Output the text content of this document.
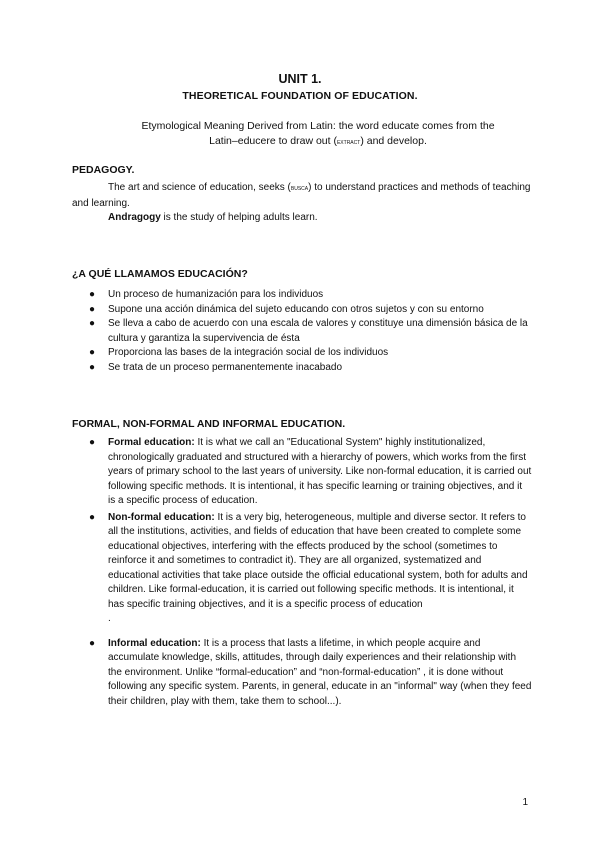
UNIT 1.
THEORETICAL FOUNDATION OF EDUCATION.
Etymological Meaning Derived from Latin: the word educate comes from the
Latin–educere to draw out (EXTRACT) and develop.
PEDAGOGY.
The art and science of education, seeks (BUSCA) to understand practices and methods of teaching and learning.
Andragogy is the study of helping adults learn.
¿A QUÉ LLAMAMOS EDUCACIÓN?
● Un proceso de humanización para los individuos
● Supone una acción dinámica del sujeto educando con otros sujetos y con su entorno
● Se lleva a cabo de acuerdo con una escala de valores y constituye una dimensión básica de la cultura y garantiza la supervivencia de ésta
● Proporciona las bases de la integración social de los individuos
● Se trata de un proceso permanentemente inacabado
FORMAL, NON-FORMAL AND INFORMAL EDUCATION.
● Formal education: It is what we call an "Educational System" highly institutionalized, chronologically graduated and structured with a hierarchy of powers, which works from the first years of primary school to the last years of university. Like non-formal education, it is carried out following specific methods. It is intentional, it has specific learning or training objectives, and it is a specific process of education.
● Non-formal education: It is a very big, heterogeneous, multiple and diverse sector. It refers to all the institutions, activities, and fields of education that have been created to complete some educational objectives, interfering with the effects produced by the school (sometimes to reinforce it and sometimes to contradict it). They are all organized, systematized and educational activities that take place outside the official educational system, both for adults and children. Like formal-education, it is carried out following specific methods. It is intentional, it has specific training objectives, and it is a specific process of education
.
● Informal education: It is a process that lasts a lifetime, in which people acquire and accumulate knowledge, skills, attitudes, through daily experiences and their relationship with the environment. Unlike “formal-education” and “non-formal-education” , it is done without following any specific system. Parents, in general, educate in an "informal" way (when they feed their children, play with them, take them to school...).
1
